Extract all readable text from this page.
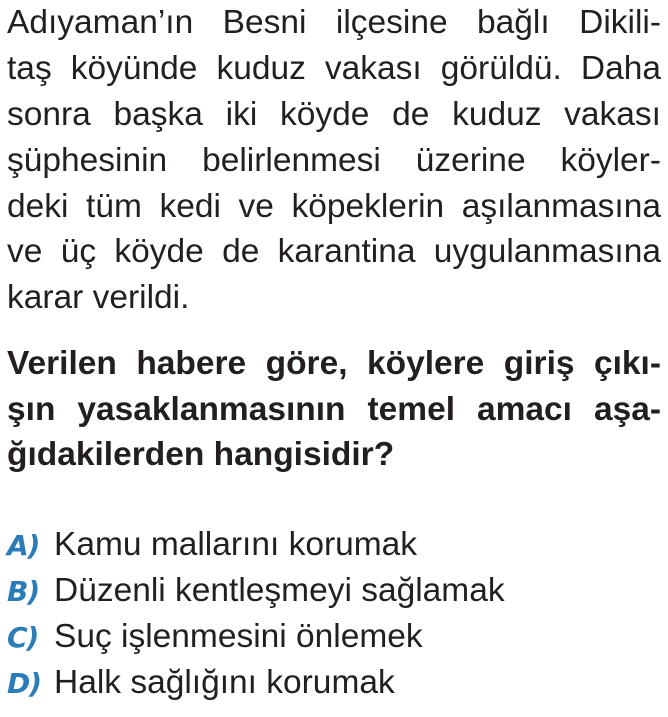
Adıyaman’ın Besni ilçesine bağlı Dikili-
taş köyünde kuduz vakası görüldü. Daha
sonra başka iki köyde de kuduz vakası
şüphesinin belirlenmesi üzerine köyler-
deki tüm kedi ve köpeklerin aşılanmasına
ve üç köyde de karantina uygulanmasına
karar verildi.
Verilen habere göre, köylere giriş çıkı-
şın yasaklanmasının temel amacı aşa-
ğıdakilerden hangisidir?
A) Kamu mallarını korumak
B) Düzenli kentleşmeyi sağlamak
C) Suç işlenmesini önlemek
D) Halk sağlığını korumak
